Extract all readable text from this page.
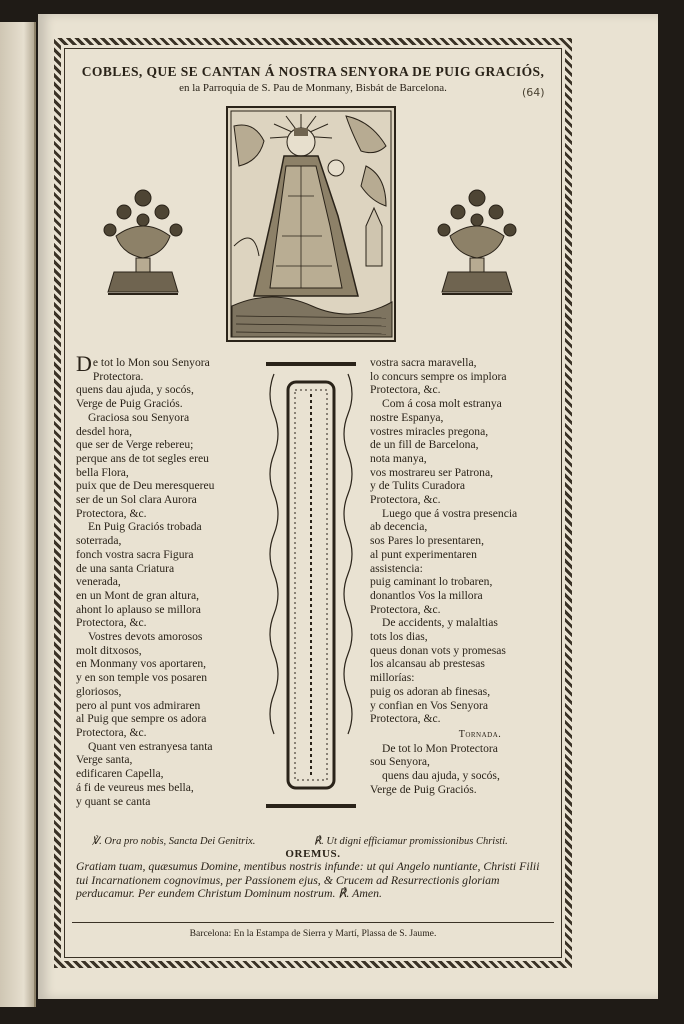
COBLES, QUE SE CANTAN Á NOSTRA SENYORA DE PUIG GRACIÓS,
en la Parroquia de S. Pau de Monmany, Bisbát de Barcelona.	(64)
De tot lo Mon sou Senyora
Protectora.
quens dau ajuda, y socós,
Verge de Puig Graciós.
Graciosa sou Senyora
desdel hora,
que ser de Verge rebereu;
perque ans de tot segles ereu
bella Flora,
puix que de Deu meresquereu
ser de un Sol clara Aurora
Protectora, &c.
En Puig Graciós trobada
soterrada,
fonch vostra sacra Figura
de una santa Criatura
venerada,
en un Mont de gran altura,
ahont lo aplauso se millora
Protectora, &c.
Vostres devots amorosos
molt ditxosos,
en Monmany vos aportaren,
y en son temple vos posaren
gloriosos,
pero al punt vos admiraren
al Puig que sempre os adora
Protectora, &c.
Quant ven estranyesa tanta
Verge santa,
edificaren Capella,
á fi de veureus mes bella,
y quant se canta
vostra sacra maravella,
lo concurs sempre os implora
Protectora, &c.
Com á cosa molt estranya
nostre Espanya,
vostres miracles pregona,
de un fill de Barcelona,
nota manya,
vos mostrareu ser Patrona,
y de Tulits Curadora
Protectora, &c.
Luego que á vostra presencia
ab decencia,
sos Pares lo presentaren,
al punt experimentaren
assistencia:
puig caminant lo trobaren,
donantlos Vos la millora
Protectora, &c.
De accidents, y malaltias
tots los dias,
queus donan vots y promesas
los alcansau ab prestesas
millorías:
puig os adoran ab finesas,
y confian en Vos Senyora
Protectora, &c.
Tornada.
De tot lo Mon Protectora
sou Senyora,
quens dau ajuda, y socós,
Verge de Puig Graciós.
℣. Ora pro nobis, Sancta Dei Genitrix.	℟. Ut digni efficiamur promissionibus Christi.
OREMUS.
Gratiam tuam, quæsumus Domine, mentibus nostris infunde: ut qui Angelo nuntiante, Christi Filii tui Incarnationem cognovimus, per Passionem ejus, & Crucem ad Resurrectionis gloriam perducamur. Per eundem Christum Dominum nostrum. ℟. Amen.
Barcelona: En la Estampa de Sierra y Martí, Plassa de S. Jaume.
